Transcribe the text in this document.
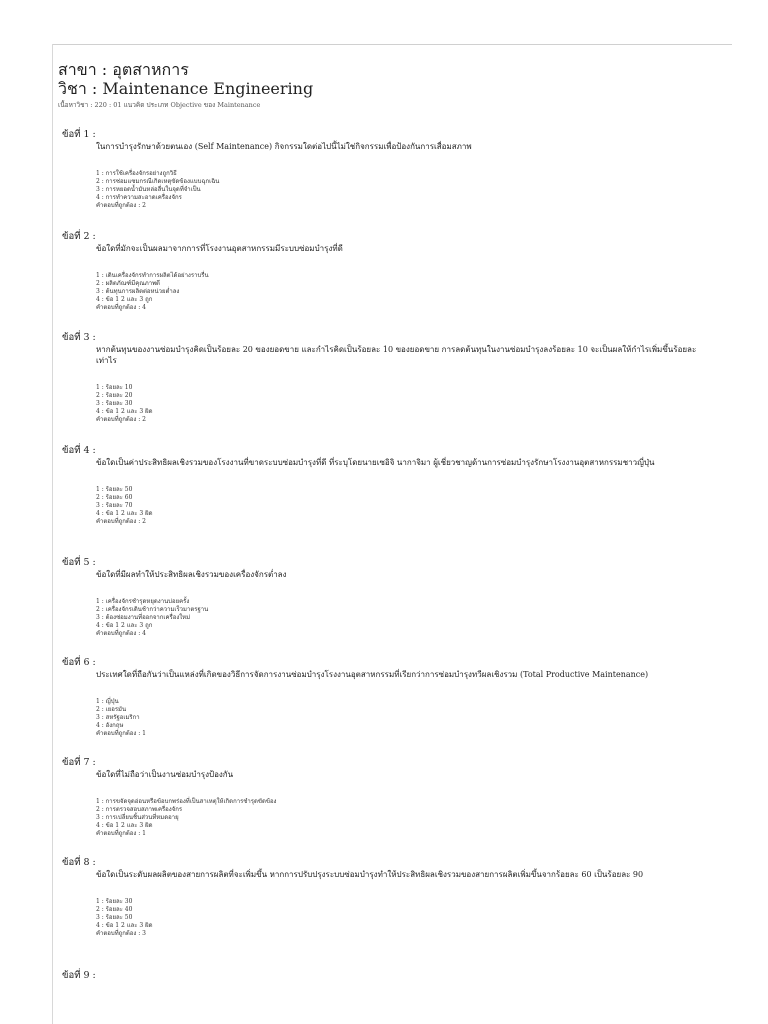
สาขา : อุตสาหการ
วิชา : Maintenance Engineering
เนื้อหาวิชา : 220 : 01 แนวคิด ประเภท Objective ของ Maintenance
ข้อที่ 1 :
ในการบำรุงรักษาด้วยตนเอง (Self Maintenance) กิจกรรมใดต่อไปนี้ไม่ใช่กิจกรรมเพื่อป้องกันการเสื่อมสภาพ
1 : การใช้เครื่องจักรอย่างถูกวิธี
2 : การซ่อมแซมกรณีเกิดเหตุขัดข้องแบบฉุกเฉิน
3 : การหยอดน้ำมันหล่อลื่นในจุดที่จำเป็น
4 : การทำความสะอาดเครื่องจักร
คำตอบที่ถูกต้อง : 2
ข้อที่ 2 :
ข้อใดที่มักจะเป็นผลมาจากการที่โรงงานอุตสาหกรรมมีระบบซ่อมบำรุงที่ดี
1 : เดินเครื่องจักรทำการผลิตได้อย่างราบรื่น
2 : ผลิตภัณฑ์มีคุณภาพดี
3 : ต้นทุนการผลิตต่อหน่วยต่ำลง
4 : ข้อ 1 2 และ 3 ถูก
คำตอบที่ถูกต้อง : 4
ข้อที่ 3 :
หากต้นทุนของงานซ่อมบำรุงคิดเป็นร้อยละ 20 ของยอดขาย และกำไรคิดเป็นร้อยละ 10 ของยอดขาย การลดต้นทุนในงานซ่อมบำรุงลงร้อยละ 10 จะเป็นผลให้กำไรเพิ่มขึ้นร้อยละเท่าไร
1 : ร้อยละ 10
2 : ร้อยละ 20
3 : ร้อยละ 30
4 : ข้อ 1 2 และ 3 ผิด
คำตอบที่ถูกต้อง : 2
ข้อที่ 4 :
ข้อใดเป็นค่าประสิทธิผลเชิงรวมของโรงงานที่ขาดระบบซ่อมบำรุงที่ดี ที่ระบุโดยนายเซอิจิ นากาจิมา ผู้เชี่ยวชาญด้านการซ่อมบำรุงรักษาโรงงานอุตสาหกรรมชาวญี่ปุ่น
1 : ร้อยละ 50
2 : ร้อยละ 60
3 : ร้อยละ 70
4 : ข้อ 1 2 และ 3 ผิด
คำตอบที่ถูกต้อง : 2
ข้อที่ 5 :
ข้อใดที่มีผลทำให้ประสิทธิผลเชิงรวมของเครื่องจักรต่ำลง
1 : เครื่องจักรชำรุดหยุดงานบ่อยครั้ง
2 : เครื่องจักรเดินช้ากว่าความเร็วมาตรฐาน
3 : ต้องซ่อมงานที่ออกจากเครื่องใหม่
4 : ข้อ 1 2 และ 3 ถูก
คำตอบที่ถูกต้อง : 4
ข้อที่ 6 :
ประเทศใดที่ถือกันว่าเป็นแหล่งที่เกิดของวิธีการจัดการงานซ่อมบำรุงโรงงานอุตสาหกรรมที่เรียกว่าการซ่อมบำรุงทวีผลเชิงรวม (Total Productive Maintenance)
1 : ญี่ปุ่น
2 : เยอรมัน
3 : สหรัฐอเมริกา
4 : อังกฤษ
คำตอบที่ถูกต้อง : 1
ข้อที่ 7 :
ข้อใดที่ไม่ถือว่าเป็นงานซ่อมบำรุงป้องกัน
1 : การขจัดจุดอ่อนหรือข้อบกพร่องที่เป็นสาเหตุให้เกิดการชำรุดขัดข้อง
2 : การตรวจสอบสภาพเครื่องจักร
3 : การเปลี่ยนชิ้นส่วนที่หมดอายุ
4 : ข้อ 1 2 และ 3 ผิด
คำตอบที่ถูกต้อง : 1
ข้อที่ 8 :
ข้อใดเป็นระดับผลผลิตของสายการผลิตที่จะเพิ่มขึ้น หากการปรับปรุงระบบซ่อมบำรุงทำให้ประสิทธิผลเชิงรวมของสายการผลิตเพิ่มขึ้นจากร้อยละ 60 เป็นร้อยละ 90
1 : ร้อยละ 30
2 : ร้อยละ 40
3 : ร้อยละ 50
4 : ข้อ 1 2 และ 3 ผิด
คำตอบที่ถูกต้อง : 3
ข้อที่ 9 :
